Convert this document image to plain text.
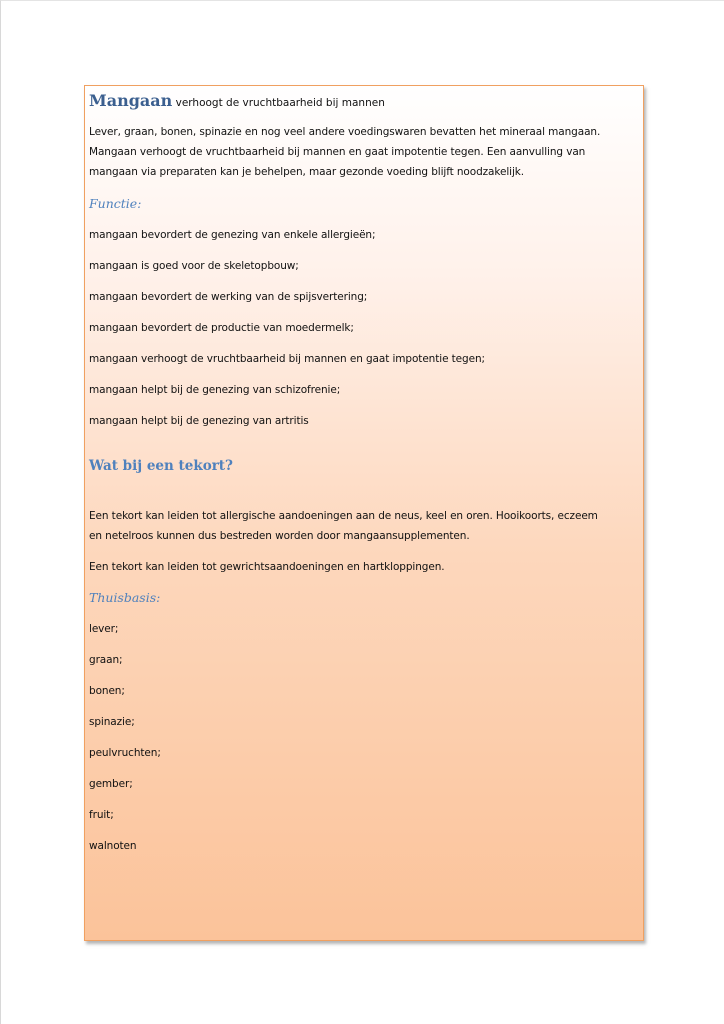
Mangaan verhoogt de vruchtbaarheid bij mannen

Lever, graan, bonen, spinazie en nog veel andere voedingswaren bevatten het mineraal mangaan.

Mangaan verhoogt de vruchtbaarheid bij mannen en gaat impotentie tegen. Een aanvulling van

mangaan via preparaten kan je behelpen, maar gezonde voeding blijft noodzakelijk.

Functie:

mangaan bevordert de genezing van enkele allergieën;

mangaan is goed voor de skeletopbouw;

mangaan bevordert de werking van de spijsvertering;

mangaan bevordert de productie van moedermelk;

mangaan verhoogt de vruchtbaarheid bij mannen en gaat impotentie tegen;

mangaan helpt bij de genezing van schizofrenie;

mangaan helpt bij de genezing van artritis

Wat bij een tekort?

Een tekort kan leiden tot allergische aandoeningen aan de neus, keel en oren. Hooikoorts, eczeem

en netelroos kunnen dus bestreden worden door mangaansupplementen.

Een tekort kan leiden tot gewrichtsaandoeningen en hartkloppingen.

Thuisbasis:

lever;

graan;

bonen;

spinazie;

peulvruchten;

gember;

fruit;

walnoten
